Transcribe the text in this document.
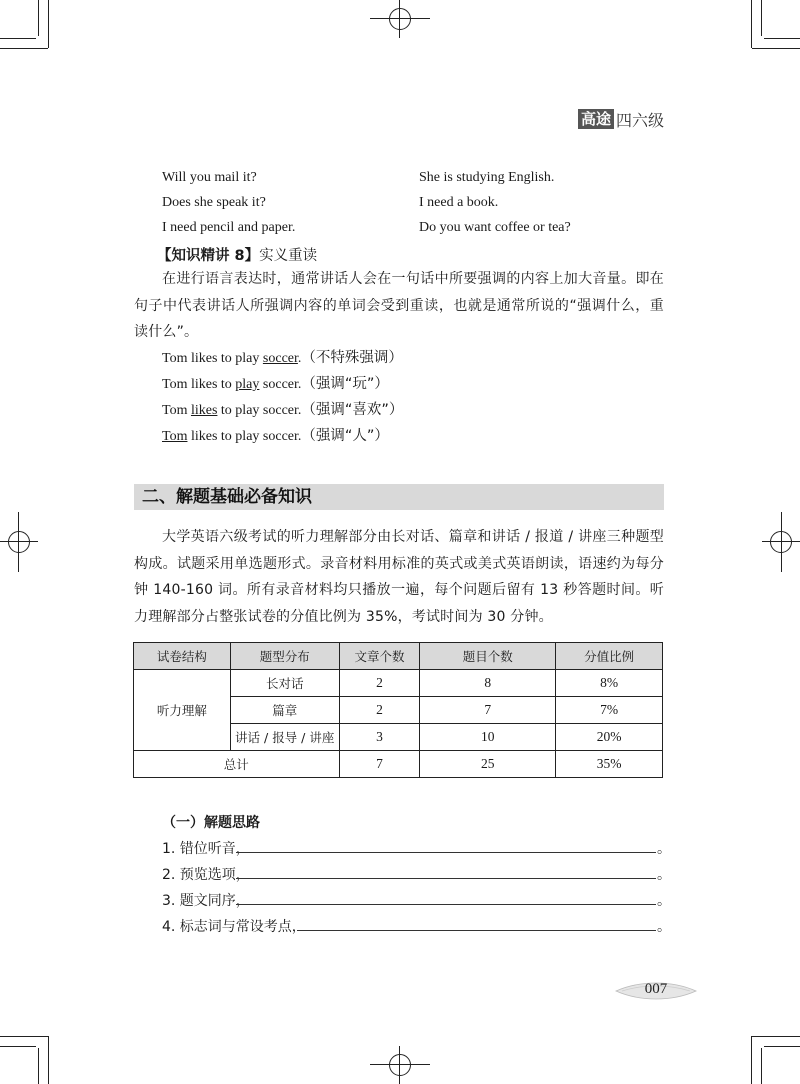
高途 四六级
Will you mail it?	She is studying English.
Does she speak it?	I need a book.
I need pencil and paper.	Do you want coffee or tea?
【知识精讲 8】实义重读
在进行语言表达时，通常讲话人会在一句话中所要强调的内容上加大音量。即在句子中代表讲话人所强调内容的单词会受到重读，也就是通常所说的“强调什么，重读什么”。
Tom likes to play soccer.（不特殊强调）
Tom likes to play soccer.（强调“玩”）
Tom likes to play soccer.（强调“喜欢”）
Tom likes to play soccer.（强调“人”）
二、解题基础必备知识
大学英语六级考试的听力理解部分由长对话、篇章和讲话 / 报道 / 讲座三种题型构成。试题采用单选题形式。录音材料用标准的英式或美式英语朗读，语速约为每分钟 140-160 词。所有录音材料均只播放一遍，每个问题后留有 13 秒答题时间。听力理解部分占整张试卷的分值比例为 35%，考试时间为 30 分钟。
试卷结构	题型分布	文章个数	题目个数	分值比例
听力理解	长对话	2	8	8%
	篇章	2	7	7%
	讲话 / 报导 / 讲座	3	10	20%
总计		7	25	35%
（一）解题思路
1. 错位听音，	。
2. 预览选项，	。
3. 题文同序，	。
4. 标志词与常设考点，	。
007
